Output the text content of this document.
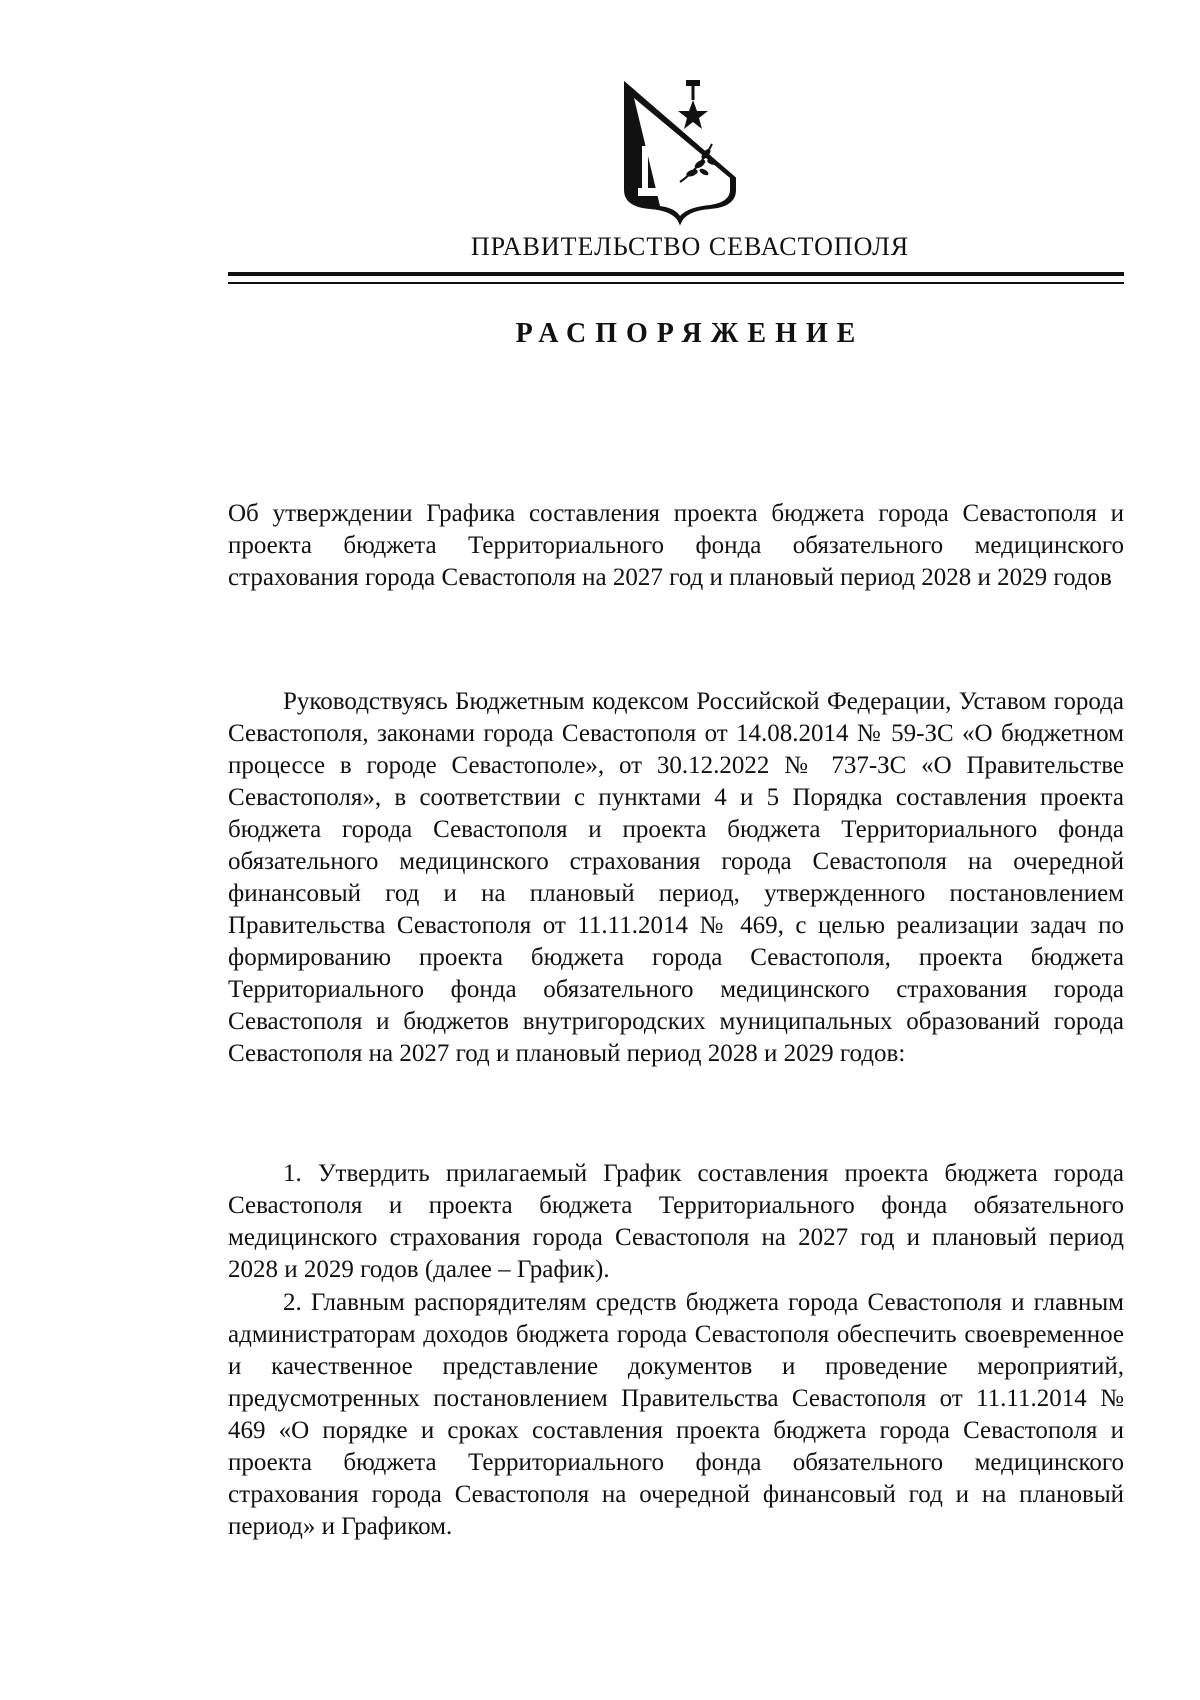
ПРАВИТЕЛЬСТВО СЕВАСТОПОЛЯ
РАСПОРЯЖЕНИЕ

Об утверждении Графика составления проекта бюджета города Севастополя и проекта бюджета Территориального фонда обязательного медицинского страхования города Севастополя на 2027 год и плановый период 2028 и 2029 годов

Руководствуясь Бюджетным кодексом Российской Федерации, Уставом города Севастополя, законами города Севастополя от 14.08.2014 № 59-ЗС «О бюджетном процессе в городе Севастополе», от 30.12.2022 № 737-ЗС «О Правительстве Севастополя», в соответствии с пунктами 4 и 5 Порядка составления проекта бюджета города Севастополя и проекта бюджета Территориального фонда обязательного медицинского страхования города Севастополя на очередной финансовый год и на плановый период, утвержденного постановлением Правительства Севастополя от 11.11.2014 № 469, с целью реализации задач по формированию проекта бюджета города Севастополя, проекта бюджета Территориального фонда обязательного медицинского страхования города Севастополя и бюджетов внутригородских муниципальных образований города Севастополя на 2027 год и плановый период 2028 и 2029 годов:

1. Утвердить прилагаемый График составления проекта бюджета города Севастополя и проекта бюджета Территориального фонда обязательного медицинского страхования города Севастополя на 2027 год и плановый период 2028 и 2029 годов (далее – График).

2. Главным распорядителям средств бюджета города Севастополя и главным администраторам доходов бюджета города Севастополя обеспечить своевременное и качественное представление документов и проведение мероприятий, предусмотренных постановлением Правительства Севастополя от 11.11.2014 № 469 «О порядке и сроках составления проекта бюджета города Севастополя и проекта бюджета Территориального фонда обязательного медицинского страхования города Севастополя на очередной финансовый год и на плановый период» и Графиком.
